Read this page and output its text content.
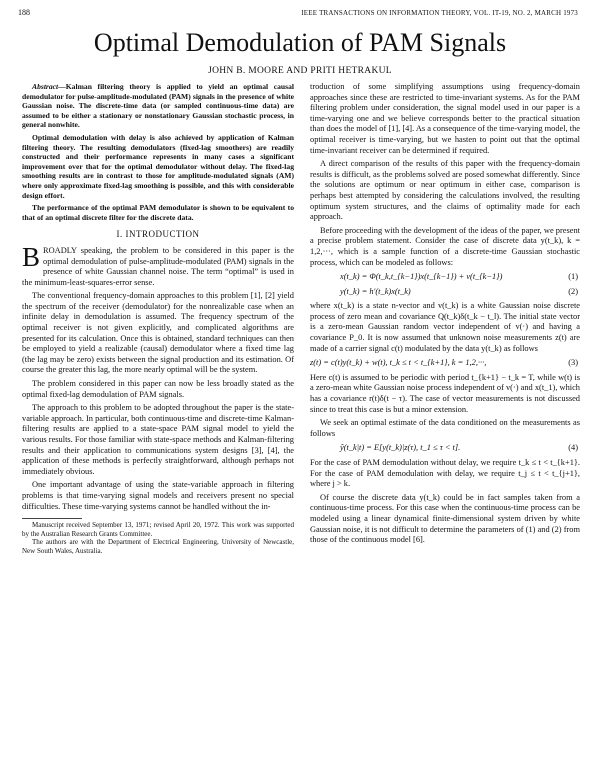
188	IEEE TRANSACTIONS ON INFORMATION THEORY, VOL. IT-19, NO. 2, MARCH 1973
Optimal Demodulation of PAM Signals
JOHN B. MOORE AND PRITI HETRAKUL

Abstract—Kalman filtering theory is applied to yield an optimal causal demodulator for pulse-amplitude-modulated (PAM) signals in the presence of white Gaussian noise. The discrete-time data (or sampled continuous-time data) are assumed to be either a stationary or nonstationary Gaussian stochastic process, in general nonwhite.

Optimal demodulation with delay is also achieved by application of Kalman filtering theory. The resulting demodulators (fixed-lag smoothers) are readily constructed and their performance represents in many cases a significant improvement over that for the optimal demodulator without delay. The fixed-lag smoothing results are in contrast to those for amplitude-modulated signals (AM) where only approximate fixed-lag smoothing is possible, and this with considerable design effort.

The performance of the optimal PAM demodulator is shown to be equivalent to that of an optimal discrete filter for the discrete data.

I. INTRODUCTION

BROADLY speaking, the problem to be considered in this paper is the optimal demodulation of pulse-amplitude-modulated (PAM) signals in the presence of white Gaussian channel noise. The term “optimal” is used in the minimum-least-squares-error sense.

The conventional frequency-domain approaches to this problem [1], [2] yield the spectrum of the receiver (demodulator) for the nonrealizable case when an infinite delay in demodulation is assumed. The frequency spectrum of the optimal receiver is not given explicitly, and complicated algorithms are presented for its calculation. Once this is obtained, standard techniques can then be employed to yield a realizable (causal) demodulator where a fixed time lag (the lag may be zero) exists between the signal production and its estimation. Of course the greater this lag, the more nearly optimal will be the system.

The problem considered in this paper can now be less broadly stated as the optimal fixed-lag demodulation of PAM signals.

The approach to this problem to be adopted throughout the paper is the state-variable approach. In particular, both continuous-time and discrete-time Kalman-filtering results are applied to a state-space PAM signal model to yield the various results. For those familiar with state-space methods and Kalman-filtering results and their application to communications system designs [3], [4], the application of these methods is perfectly straightforward, although perhaps not immediately obvious.

One important advantage of using the state-variable approach in filtering problems is that time-varying signal models and receivers present no special difficulties. These time-varying systems cannot be handled without the in-

Manuscript received September 13, 1971; revised April 20, 1972. This work was supported by the Australian Research Grants Committee.

The authors are with the Department of Electrical Engineering, University of Newcastle, New South Wales, Australia.

troduction of some simplifying assumptions using frequency-domain approaches since these are restricted to time-invariant systems. As for the PAM filtering problem under consideration, the signal model used in our paper is a time-varying one and we believe corresponds better to the practical situation than does the model of [1], [4]. As a consequence of the time-varying model, the optimal receiver is time-varying, but we hasten to point out that the optimal time-invariant receiver can be determined if required.

A direct comparison of the results of this paper with the frequency-domain results is difficult, as the problems solved are posed somewhat differently. Since the solutions are optimum or near optimum in either case, comparison is perhaps best attempted by considering the calculations involved, the resulting optimum system structures, and the claims of optimality made for each approach.

Before proceeding with the development of the ideas of the paper, we present a precise problem statement. Consider the case of discrete data y(t_k), k = 1,2,···, which is a sample function of a discrete-time Gaussian stochastic process, which can be modeled as follows:

x(t_k) = Φ(t_k,t_{k−1})x(t_{k−1}) + v(t_{k−1})	(1)
y(t_k) = h′(t_k)x(t_k)	(2)

where x(t_k) is a state n-vector and v(t_k) is a white Gaussian noise discrete process of zero mean and covariance Q(t_k)δ(t_k − t_l). The initial state vector is a zero-mean Gaussian random vector independent of v(·) and having a covariance P_0. It is now assumed that unknown noise measurements z(t) are made of a carrier signal c(t) modulated by the data y(t_k) as follows

z(t) = c(t)y(t_k) + w(t), t_k ≤ t < t_{k+1}, k = 1,2,···,	(3)

Here c(t) is assumed to be periodic with period t_{k+1} − t_k = T, while w(t) is a zero-mean white Gaussian noise process independent of v(·) and x(t_1), which has a covariance r(t)δ(t − τ). The case of vector measurements is not discussed since to treat this case is but a minor extension.

We seek an optimal estimate of the data conditioned on the measurements as follows

ŷ(t_k|t) = E[y(t_k)|z(τ), t_1 ≤ τ < t].	(4)

For the case of PAM demodulation without delay, we require t_k ≤ t < t_{k+1}. For the case of PAM demodulation with delay, we require t_j ≤ t < t_{j+1}, where j > k.

Of course the discrete data y(t_k) could be in fact samples taken from a continuous-time process. For this case when the continuous-time process can be modeled using a linear dynamical finite-dimensional system driven by white Gaussian noise, it is not difficult to determine the parameters of (1) and (2) from those of the continuous model [6].
